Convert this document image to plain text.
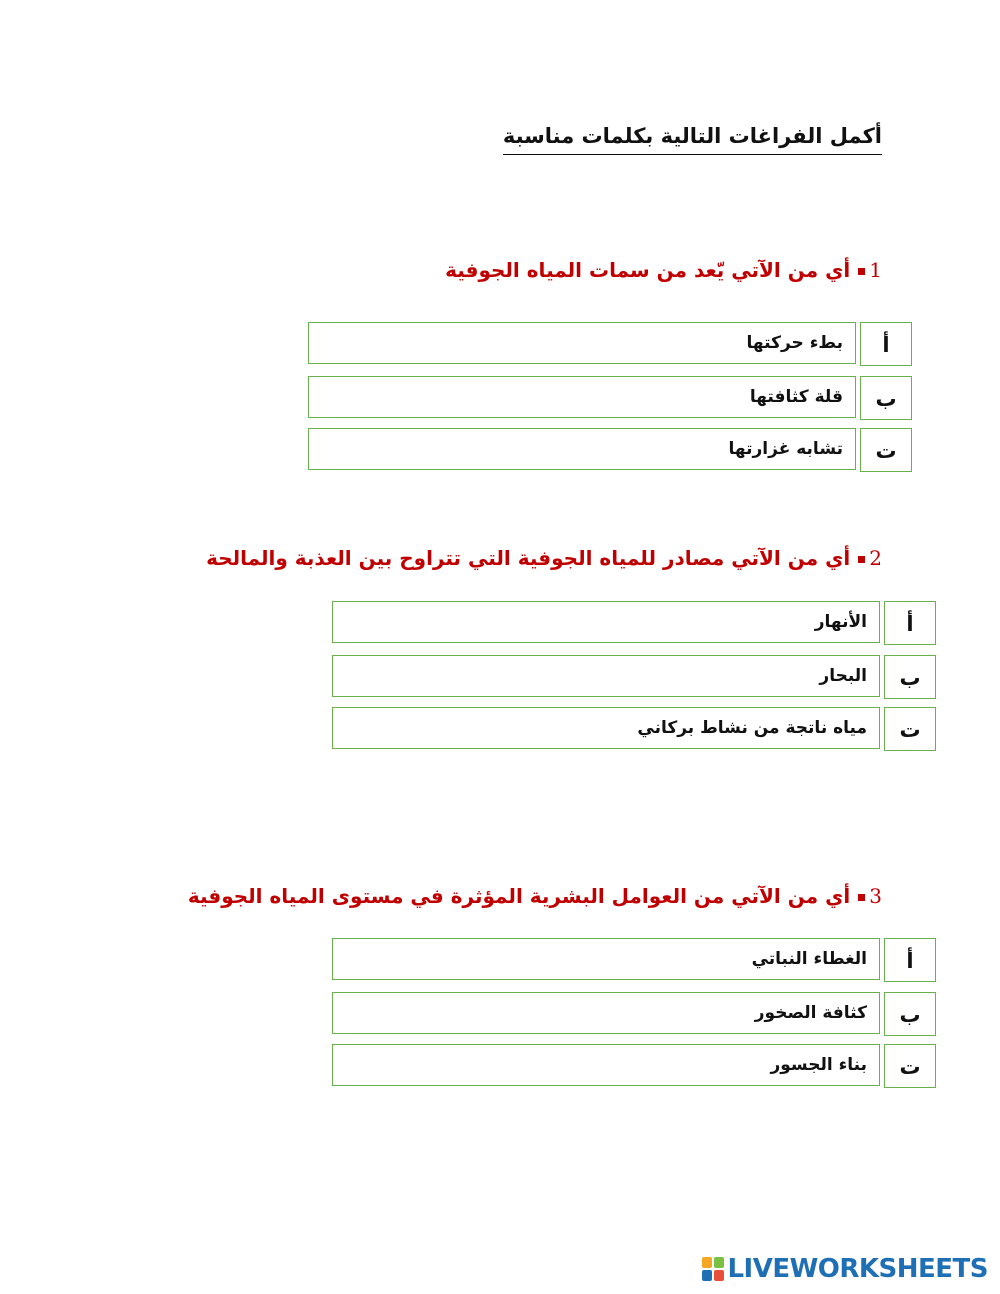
أكمل الفراغات التالية بكلمات مناسبة
1أي من الآتي يّعد من سمات المياه الجوفية
بطء حركتها	أ
قلة كثافتها	ب
تشابه غزارتها	ت
2أي من الآتي مصادر للمياه الجوفية التي تتراوح بين العذبة والمالحة
الأنهار	أ
البحار	ب
مياه ناتجة من نشاط بركاني	ت
3أي من الآتي من العوامل البشرية المؤثرة في مستوى المياه الجوفية
الغطاء النباتي	أ
كثافة الصخور	ب
بناء الجسور	ت
LIVEWORKSHEETS
